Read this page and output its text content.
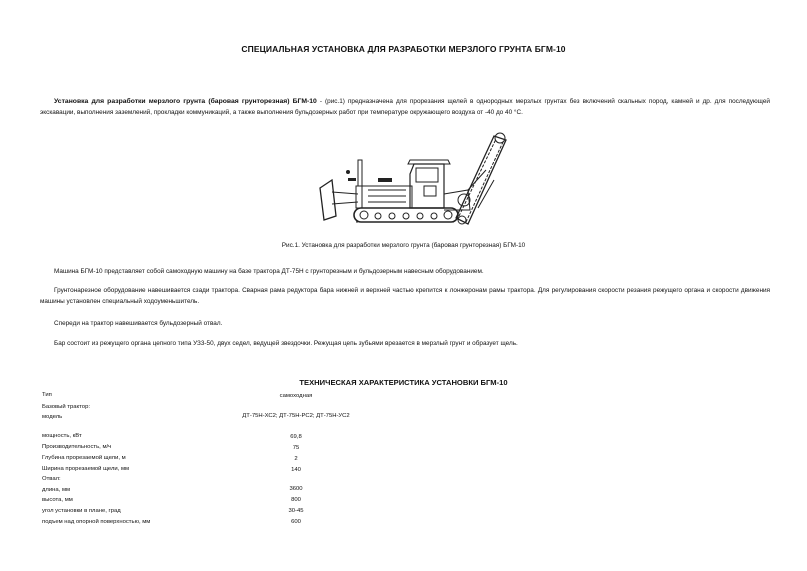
СПЕЦИАЛЬНАЯ УСТАНОВКА ДЛЯ РАЗРАБОТКИ МЕРЗЛОГО ГРУНТА БГМ-10
Установка для разработки мерзлого грунта (баровая грунторезная) БГМ-10 - (рис.1) предназначена для прорезания щелей в однородных мерзлых грунтах без включений скальных пород, камней и др. для последующей экскавации, выполнения заземлений, прокладки коммуникаций, а также выполнения бульдозерных работ при температуре окружающего воздуха от -40 до 40 °С.
Рис.1. Установка для разработки мерзлого грунта (баровая грунторезная) БГМ-10
Машина БГМ-10 представляет собой самоходную машину на базе трактора ДТ-75Н с грунторезным и бульдозерным навесным оборудованием.
Грунтонарезное оборудование навешивается сзади трактора. Сварная рама редуктора бара нижней и верхней частью крепится к лонжеронам рамы трактора. Для регулирования скорости резания режущего органа и скорости движения машины установлен специальный ходоуменьшитель.
Спереди на трактор навешивается бульдозерный отвал.
Бар состоит из режущего органа цепного типа УЗ3-50, двух седел, ведущей звездочки. Режущая цепь зубьями врезается в мерзлый грунт и образует щель.
ТЕХНИЧЕСКАЯ ХАРАКТЕРИСТИКА УСТАНОВКИ БГМ-10
Тип	самоходная
Базовый трактор:
модель	ДТ-75Н-ХС2; ДТ-75Н-РС2; ДТ-75Н-УС2
мощность, кВт	69,8
Производительность, м/ч	75
Глубина прорезаемой щели, м	2
Ширина прорезаемой щели, мм	140
Отвал:
длина, мм	3600
высота, мм	800
угол установки в плане, град	30-45
подъем над опорной поверхностью, мм	600
